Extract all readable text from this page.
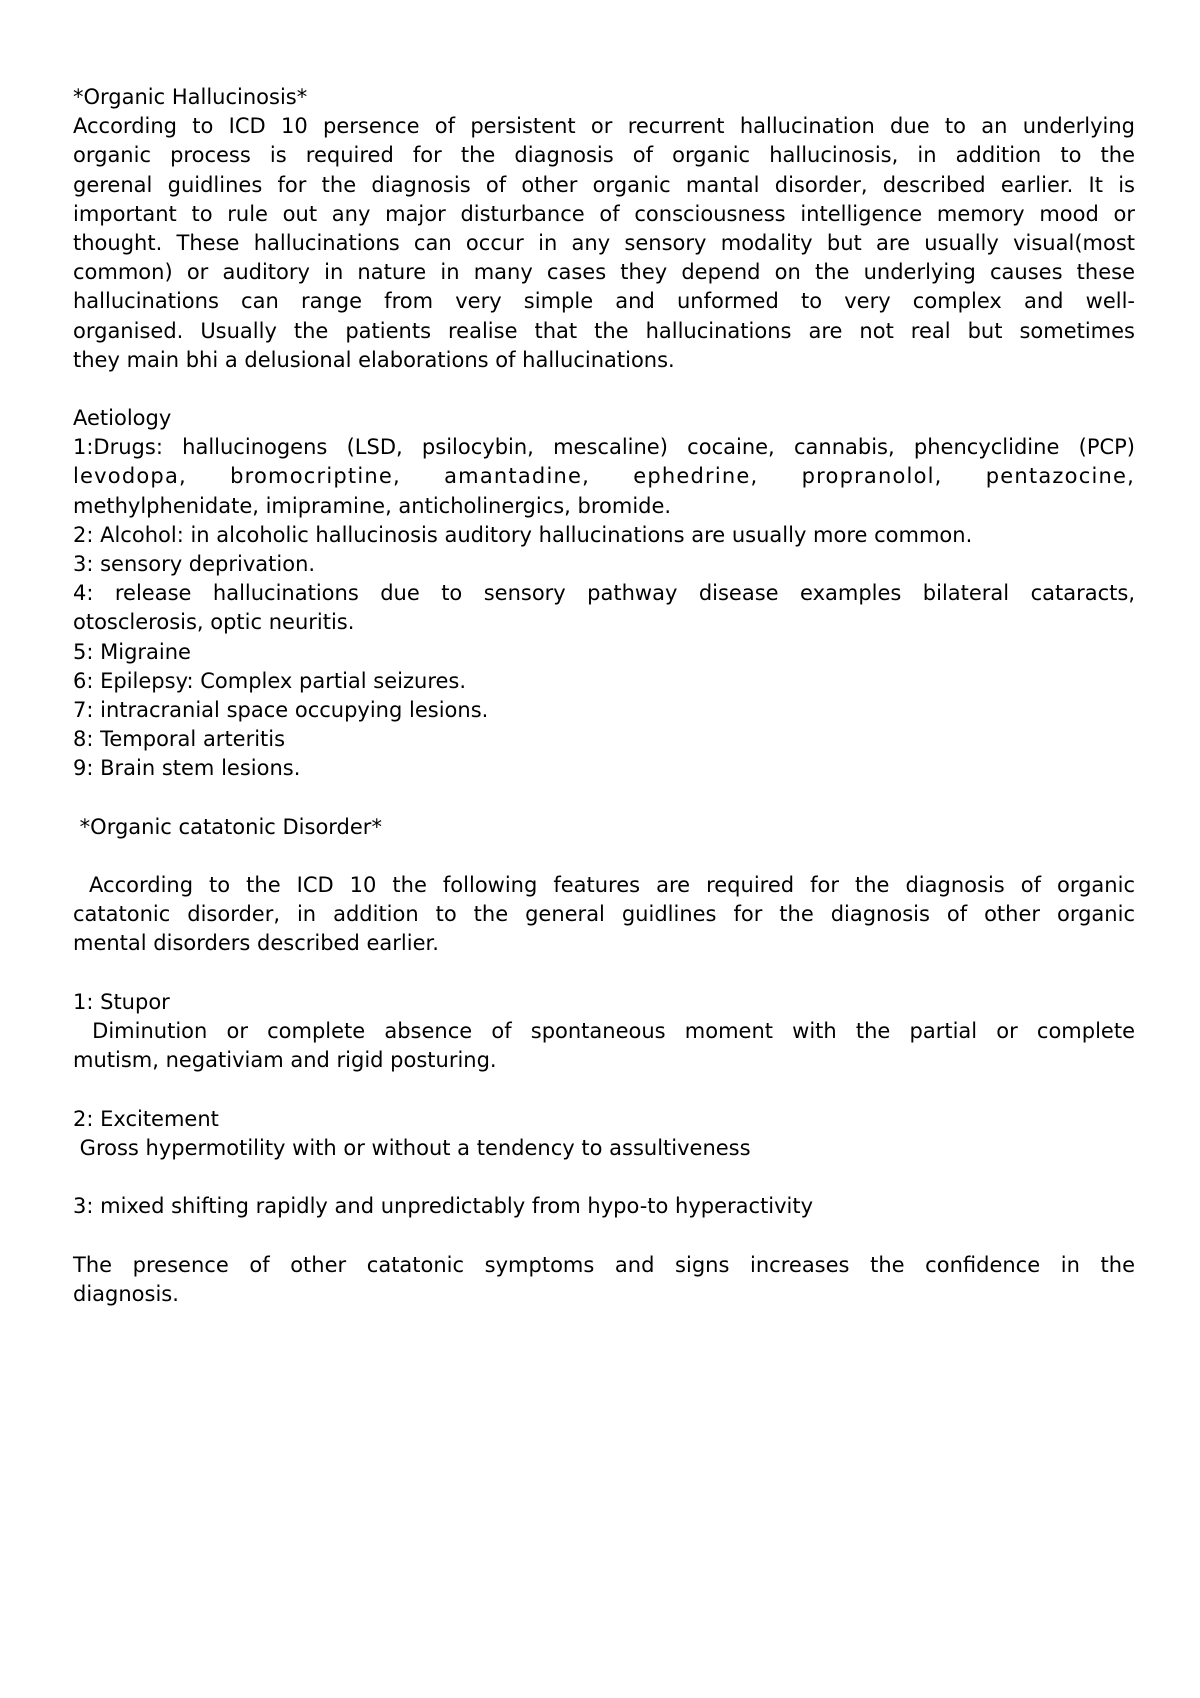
*Organic Hallucinosis*
According to ICD 10 persence of persistent or recurrent hallucination due to an underlying
organic process is required for the diagnosis of organic hallucinosis, in addition to the
gerenal guidlines for the diagnosis of other organic mantal disorder, described earlier. It is
important to rule out any major disturbance of consciousness intelligence memory mood or
thought. These hallucinations can occur in any sensory modality but are usually visual(most
common) or auditory in nature in many cases they depend on the underlying causes these
hallucinations can range from very simple and unformed to very complex and well-
organised. Usually the patients realise that the hallucinations are not real but sometimes
they main bhi a delusional elaborations of hallucinations.
Aetiology
1:Drugs: hallucinogens (LSD, psilocybin, mescaline) cocaine, cannabis, phencyclidine (PCP)
levodopa, bromocriptine, amantadine, ephedrine, propranolol, pentazocine,
methylphenidate, imipramine, anticholinergics, bromide.
2: Alcohol: in alcoholic hallucinosis auditory hallucinations are usually more common.
3: sensory deprivation.
4: release hallucinations due to sensory pathway disease examples bilateral cataracts,
otosclerosis, optic neuritis.
5: Migraine
6: Epilepsy: Complex partial seizures.
7: intracranial space occupying lesions.
8: Temporal arteritis
9: Brain stem lesions.
*Organic catatonic Disorder*
According to the ICD 10 the following features are required for the diagnosis of organic
catatonic disorder, in addition to the general guidlines for the diagnosis of other organic
mental disorders described earlier.
1: Stupor
Diminution or complete absence of spontaneous moment with the partial or complete
mutism, negativiam and rigid posturing.
2: Excitement
Gross hypermotility with or without a tendency to assultiveness
3: mixed shifting rapidly and unpredictably from hypo-to hyperactivity
The presence of other catatonic symptoms and signs increases the confidence in the
diagnosis.
